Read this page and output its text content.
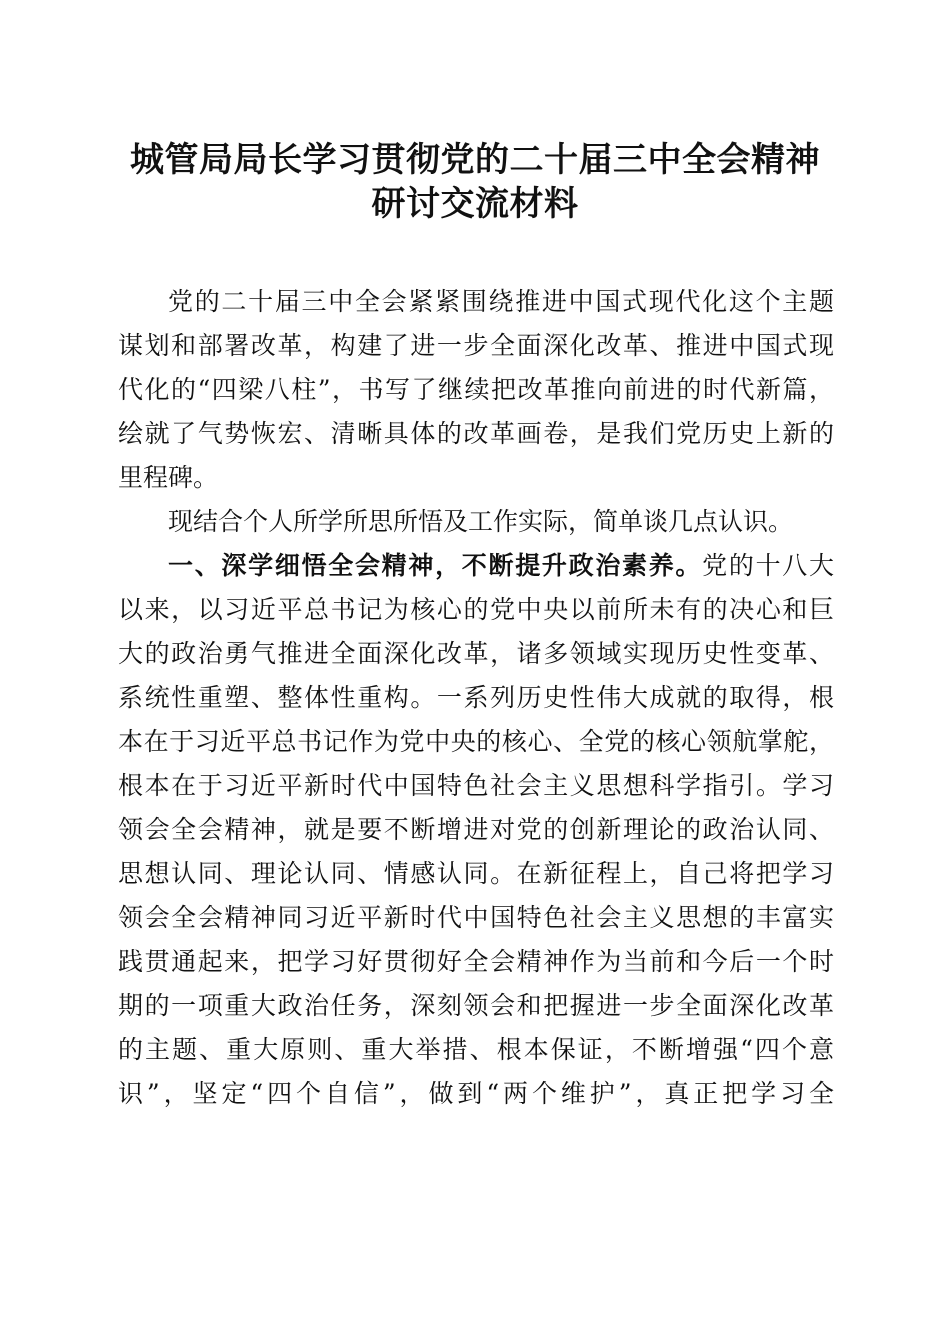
城管局局长学习贯彻党的二十届三中全会精神
研讨交流材料

党的二十届三中全会紧紧围绕推进中国式现代化这个主题

谋划和部署改革，构建了进一步全面深化改革、推进中国式现

代化的“四梁八柱”，书写了继续把改革推向前进的时代新篇，

绘就了气势恢宏、清晰具体的改革画卷，是我们党历史上新的

里程碑。

现结合个人所学所思所悟及工作实际，简单谈几点认识。

一、深学细悟全会精神，不断提升政治素养。党的十八大

以来，以习近平总书记为核心的党中央以前所未有的决心和巨

大的政治勇气推进全面深化改革，诸多领域实现历史性变革、

系统性重塑、整体性重构。一系列历史性伟大成就的取得，根

本在于习近平总书记作为党中央的核心、全党的核心领航掌舵，

根本在于习近平新时代中国特色社会主义思想科学指引。学习

领会全会精神，就是要不断增进对党的创新理论的政治认同、

思想认同、理论认同、情感认同。在新征程上，自己将把学习

领会全会精神同习近平新时代中国特色社会主义思想的丰富实

践贯通起来，把学习好贯彻好全会精神作为当前和今后一个时

期的一项重大政治任务，深刻领会和把握进一步全面深化改革

的主题、重大原则、重大举措、根本保证，不断增强“四个意

识”，坚定“四个自信”，做到“两个维护”，真正把学习全
